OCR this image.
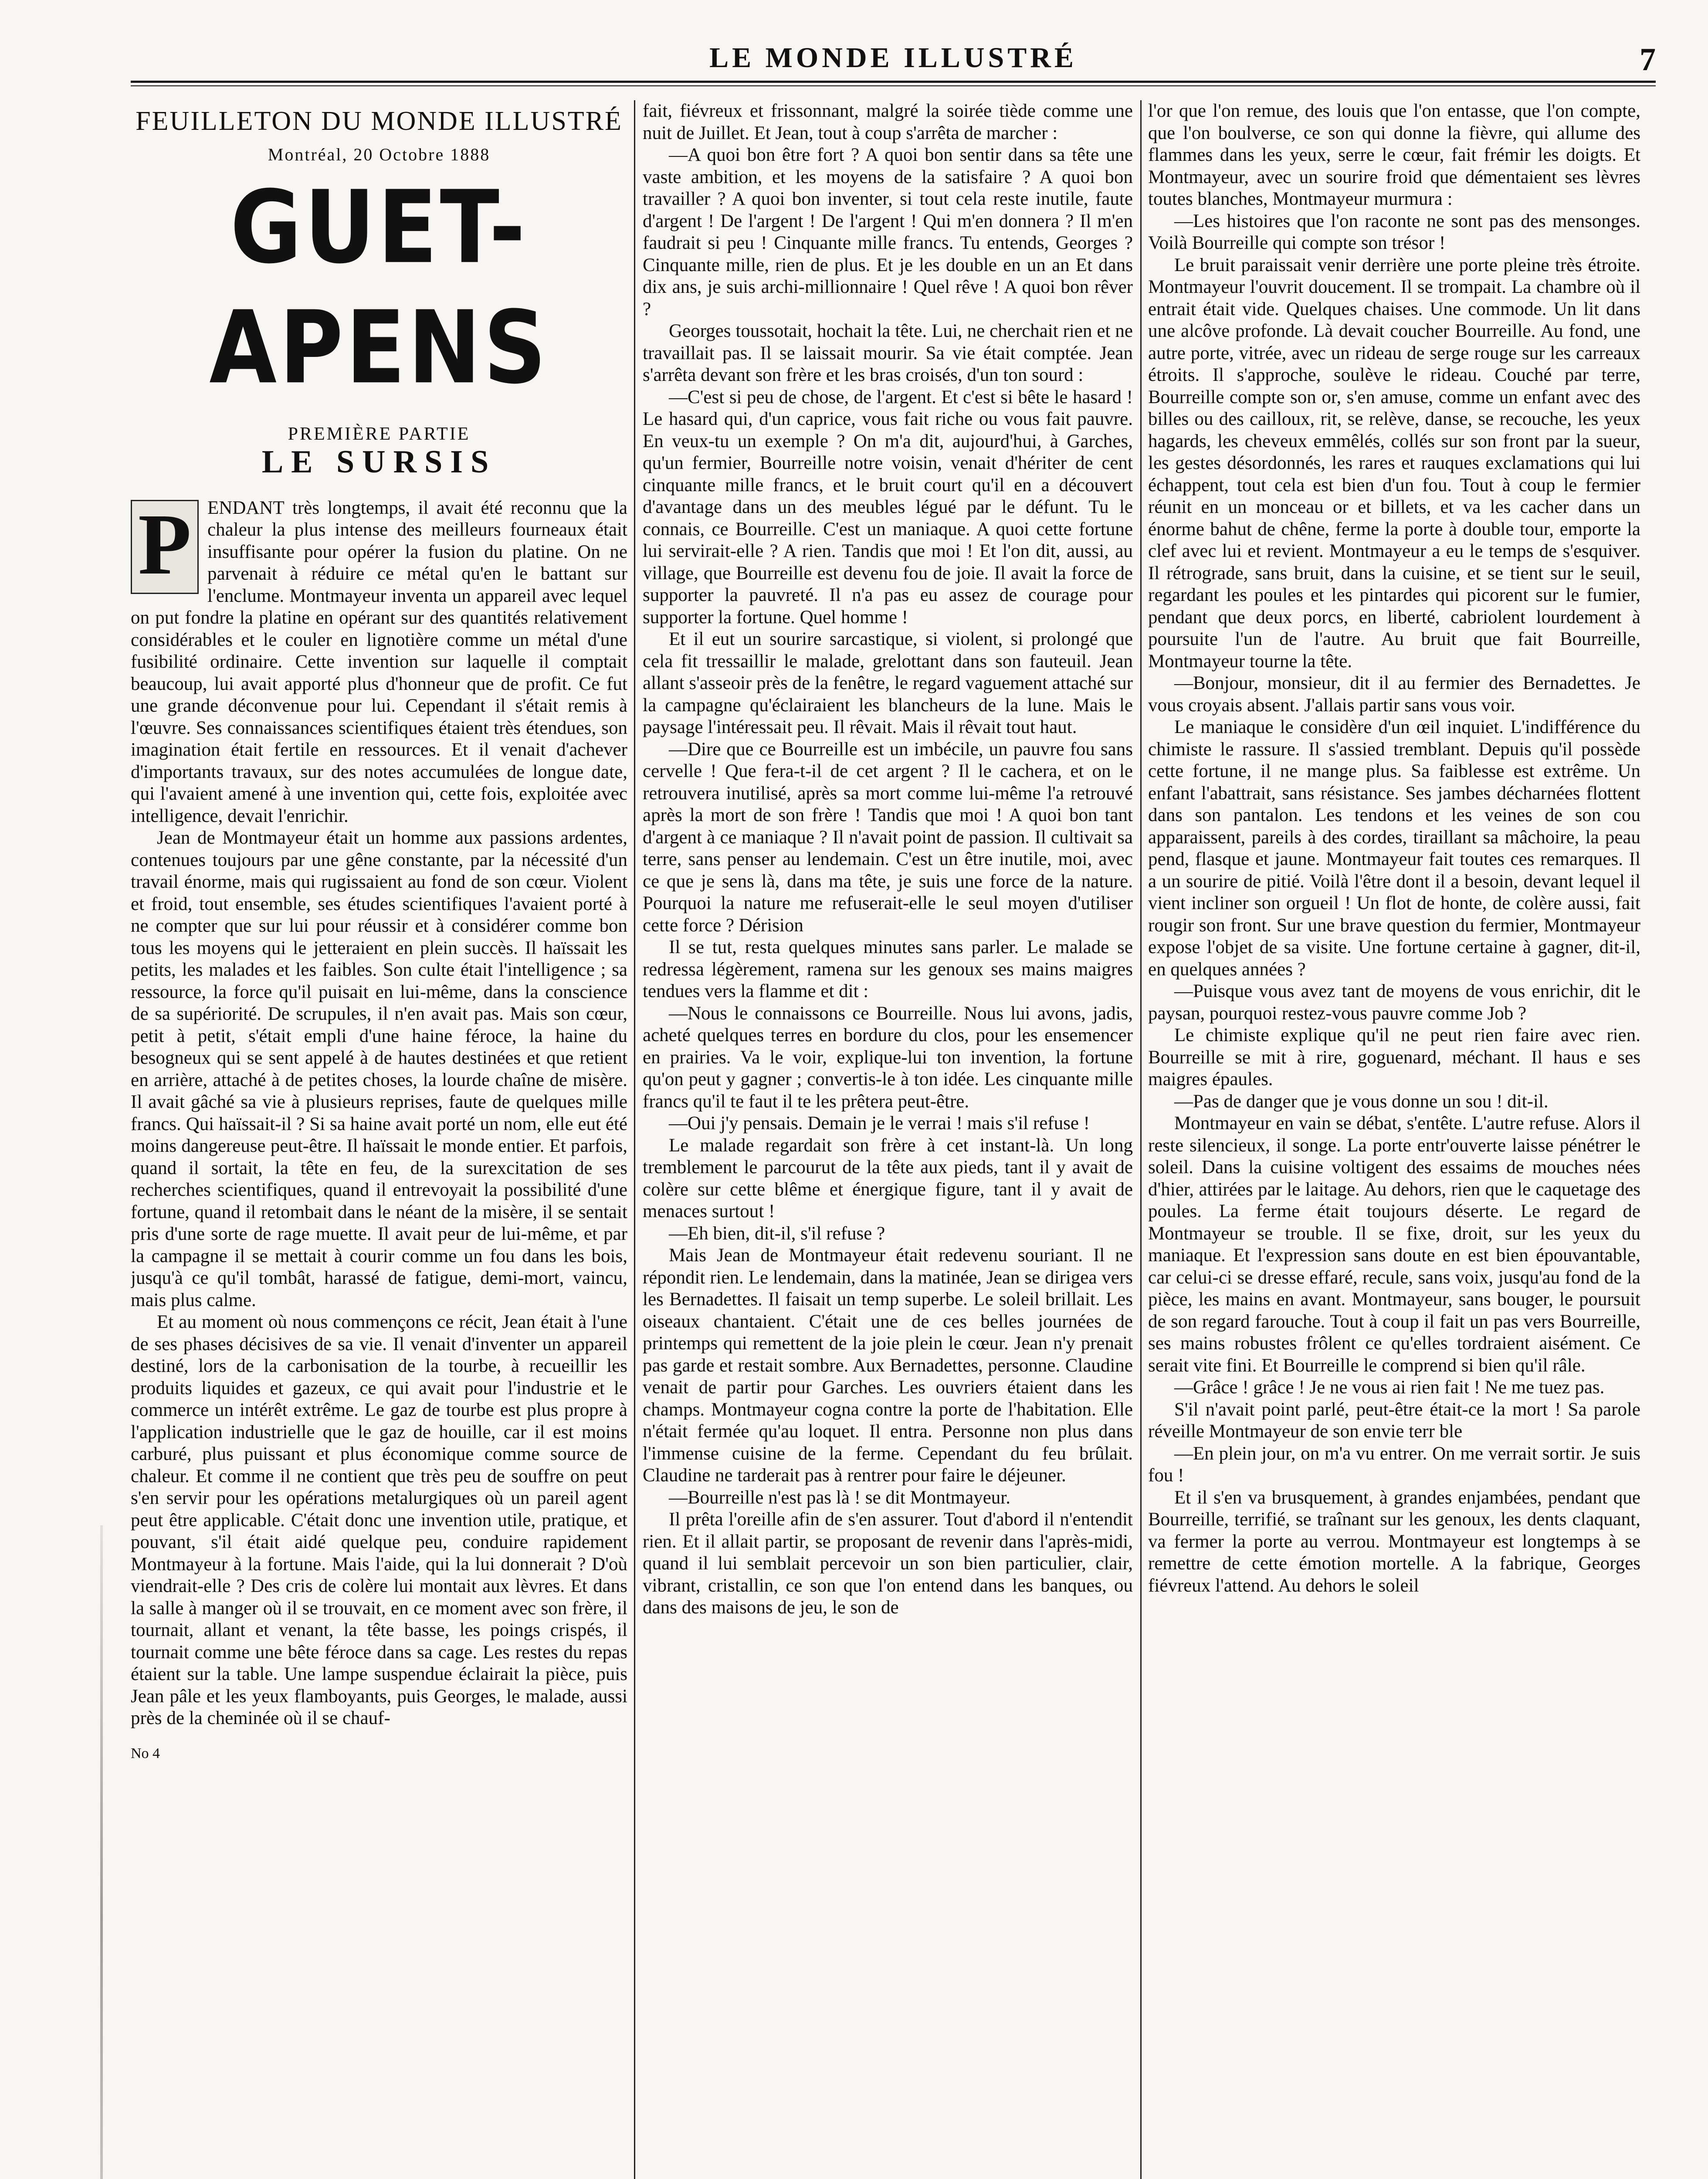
LE MONDE ILLUSTRÉ	7
FEUILLETON DU MONDE ILLUSTRÉ
Montréal, 20 Octobre 1888
GUET-APENS
PREMIÈRE PARTIE
LE SURSIS

P ENDANT très longtemps, il avait été reconnu que la chaleur la plus intense des meilleurs fourneaux était insuffisante pour opérer la fusion du platine. On ne parvenait à réduire ce métal qu'en le battant sur l'enclume. Montmayeur inventa un appareil avec lequel on put fondre la platine en opérant sur des quantités relativement considérables et le couler en lignotière comme un métal d'une fusibilité ordinaire. Cette invention sur laquelle il comptait beaucoup, lui avait apporté plus d'honneur que de profit. Ce fut une grande déconvenue pour lui. Cependant il s'était remis à l'œuvre. Ses connaissances scientifiques étaient très étendues, son imagination était fertile en ressources. Et il venait d'achever d'importants travaux, sur des notes accumulées de longue date, qui l'avaient amené à une invention qui, cette fois, exploitée avec intelligence, devait l'enrichir.

Jean de Montmayeur était un homme aux passions ardentes, contenues toujours par une gêne constante, par la nécessité d'un travail énorme, mais qui rugissaient au fond de son cœur. Violent et froid, tout ensemble, ses études scientifiques l'avaient porté à ne compter que sur lui pour réussir et à considérer comme bon tous les moyens qui le jetteraient en plein succès. Il haïssait les petits, les malades et les faibles. Son culte était l'intelligence ; sa ressource, la force qu'il puisait en lui-même, dans la conscience de sa supériorité. De scrupules, il n'en avait pas. Mais son cœur, petit à petit, s'était empli d'une haine féroce, la haine du besogneux qui se sent appelé à de hautes destinées et que retient en arrière, attaché à de petites choses, la lourde chaîne de misère. Il avait gâché sa vie à plusieurs reprises, faute de quelques mille francs. Qui haïssait-il ? Si sa haine avait porté un nom, elle eut été moins dangereuse peut-être. Il haïssait le monde entier. Et parfois, quand il sortait, la tête en feu, de la surexcitation de ses recherches scientifiques, quand il entrevoyait la possibilité d'une fortune, quand il retombait dans le néant de la misère, il se sentait pris d'une sorte de rage muette. Il avait peur de lui-même, et par la campagne il se mettait à courir comme un fou dans les bois, jusqu'à ce qu'il tombât, harassé de fatigue, demi-mort, vaincu, mais plus calme.

Et au moment où nous commençons ce récit, Jean était à l'une de ses phases décisives de sa vie. Il venait d'inventer un appareil destiné, lors de la carbonisation de la tourbe, à recueillir les produits liquides et gazeux, ce qui avait pour l'industrie et le commerce un intérêt extrême. Le gaz de tourbe est plus propre à l'application industrielle que le gaz de houille, car il est moins carburé, plus puissant et plus économique comme source de chaleur. Et comme il ne contient que très peu de souffre on peut s'en servir pour les opérations metalurgiques où un pareil agent peut être applicable. C'était donc une invention utile, pratique, et pouvant, s'il était aidé quelque peu, conduire rapidement Montmayeur à la fortune. Mais l'aide, qui la lui donnerait ? D'où viendrait-elle ? Des cris de colère lui montait aux lèvres. Et dans la salle à manger où il se trouvait, en ce moment avec son frère, il tournait, allant et venant, la tête basse, les poings crispés, il tournait comme une bête féroce dans sa cage. Les restes du repas étaient sur la table. Une lampe suspendue éclairait la pièce, puis Jean pâle et les yeux flamboyants, puis Georges, le malade, aussi près de la cheminée où il se chauf-

No 4

fait, fiévreux et frissonnant, malgré la soirée tiède comme une nuit de Juillet. Et Jean, tout à coup s'arrêta de marcher :

—A quoi bon être fort ? A quoi bon sentir dans sa tête une vaste ambition, et les moyens de la satisfaire ? A quoi bon travailler ? A quoi bon inventer, si tout cela reste inutile, faute d'argent ! De l'argent ! De l'argent ! Qui m'en donnera ? Il m'en faudrait si peu ! Cinquante mille francs. Tu entends, Georges ? Cinquante mille, rien de plus. Et je les double en un an Et dans dix ans, je suis archi-millionnaire ! Quel rêve ! A quoi bon rêver ?

Georges toussotait, hochait la tête. Lui, ne cherchait rien et ne travaillait pas. Il se laissait mourir. Sa vie était comptée. Jean s'arrêta devant son frère et les bras croisés, d'un ton sourd :

—C'est si peu de chose, de l'argent. Et c'est si bête le hasard ! Le hasard qui, d'un caprice, vous fait riche ou vous fait pauvre. En veux-tu un exemple ? On m'a dit, aujourd'hui, à Garches, qu'un fermier, Bourreille notre voisin, venait d'hériter de cent cinquante mille francs, et le bruit court qu'il en a découvert d'avantage dans un des meubles légué par le défunt. Tu le connais, ce Bourreille. C'est un maniaque. A quoi cette fortune lui servirait-elle ? A rien. Tandis que moi ! Et l'on dit, aussi, au village, que Bourreille est devenu fou de joie. Il avait la force de supporter la pauvreté. Il n'a pas eu assez de courage pour supporter la fortune. Quel homme !

Et il eut un sourire sarcastique, si violent, si prolongé que cela fit tressaillir le malade, grelottant dans son fauteuil. Jean allant s'asseoir près de la fenêtre, le regard vaguement attaché sur la campagne qu'éclairaient les blancheurs de la lune. Mais le paysage l'intéressait peu. Il rêvait. Mais il rêvait tout haut.

—Dire que ce Bourreille est un imbécile, un pauvre fou sans cervelle ! Que fera-t-il de cet argent ? Il le cachera, et on le retrouvera inutilisé, après sa mort comme lui-même l'a retrouvé après la mort de son frère ! Tandis que moi ! A quoi bon tant d'argent à ce maniaque ? Il n'avait point de passion. Il cultivait sa terre, sans penser au lendemain. C'est un être inutile, moi, avec ce que je sens là, dans ma tête, je suis une force de la nature. Pourquoi la nature me refuserait-elle le seul moyen d'utiliser cette force ? Dérision

Il se tut, resta quelques minutes sans parler. Le malade se redressa légèrement, ramena sur les genoux ses mains maigres tendues vers la flamme et dit :

—Nous le connaissons ce Bourreille. Nous lui avons, jadis, acheté quelques terres en bordure du clos, pour les ensemencer en prairies. Va le voir, explique-lui ton invention, la fortune qu'on peut y gagner ; convertis-le à ton idée. Les cinquante mille francs qu'il te faut il te les prêtera peut-être.

—Oui j'y pensais. Demain je le verrai ! mais s'il refuse !

Le malade regardait son frère à cet instant-là. Un long tremblement le parcourut de la tête aux pieds, tant il y avait de colère sur cette blême et énergique figure, tant il y avait de menaces surtout !

—Eh bien, dit-il, s'il refuse ?

Mais Jean de Montmayeur était redevenu souriant. Il ne répondit rien. Le lendemain, dans la matinée, Jean se dirigea vers les Bernadettes. Il faisait un temp superbe. Le soleil brillait. Les oiseaux chantaient. C'était une de ces belles journées de printemps qui remettent de la joie plein le cœur. Jean n'y prenait pas garde et restait sombre. Aux Bernadettes, personne. Claudine venait de partir pour Garches. Les ouvriers étaient dans les champs. Montmayeur cogna contre la porte de l'habitation. Elle n'était fermée qu'au loquet. Il entra. Personne non plus dans l'immense cuisine de la ferme. Cependant du feu brûlait. Claudine ne tarderait pas à rentrer pour faire le déjeuner.

—Bourreille n'est pas là ! se dit Montmayeur.

Il prêta l'oreille afin de s'en assurer. Tout d'abord il n'entendit rien. Et il allait partir, se proposant de revenir dans l'après-midi, quand il lui semblait percevoir un son bien particulier, clair, vibrant, cristallin, ce son que l'on entend dans les banques, ou dans des maisons de jeu, le son de

l'or que l'on remue, des louis que l'on entasse, que l'on compte, que l'on boulverse, ce son qui donne la fièvre, qui allume des flammes dans les yeux, serre le cœur, fait frémir les doigts. Et Montmayeur, avec un sourire froid que démentaient ses lèvres toutes blanches, Montmayeur murmura :

—Les histoires que l'on raconte ne sont pas des mensonges. Voilà Bourreille qui compte son trésor !

Le bruit paraissait venir derrière une porte pleine très étroite. Montmayeur l'ouvrit doucement. Il se trompait. La chambre où il entrait était vide. Quelques chaises. Une commode. Un lit dans une alcôve profonde. Là devait coucher Bourreille. Au fond, une autre porte, vitrée, avec un rideau de serge rouge sur les carreaux étroits. Il s'approche, soulève le rideau. Couché par terre, Bourreille compte son or, s'en amuse, comme un enfant avec des billes ou des cailloux, rit, se relève, danse, se recouche, les yeux hagards, les cheveux emmêlés, collés sur son front par la sueur, les gestes désordonnés, les rares et rauques exclamations qui lui échappent, tout cela est bien d'un fou. Tout à coup le fermier réunit en un monceau or et billets, et va les cacher dans un énorme bahut de chêne, ferme la porte à double tour, emporte la clef avec lui et revient. Montmayeur a eu le temps de s'esquiver. Il rétrograde, sans bruit, dans la cuisine, et se tient sur le seuil, regardant les poules et les pintardes qui picorent sur le fumier, pendant que deux porcs, en liberté, cabriolent lourdement à poursuite l'un de l'autre. Au bruit que fait Bourreille, Montmayeur tourne la tête.

—Bonjour, monsieur, dit il au fermier des Bernadettes. Je vous croyais absent. J'allais partir sans vous voir.

Le maniaque le considère d'un œil inquiet. L'indifférence du chimiste le rassure. Il s'assied tremblant. Depuis qu'il possède cette fortune, il ne mange plus. Sa faiblesse est extrême. Un enfant l'abattrait, sans résistance. Ses jambes décharnées flottent dans son pantalon. Les tendons et les veines de son cou apparaissent, pareils à des cordes, tiraillant sa mâchoire, la peau pend, flasque et jaune. Montmayeur fait toutes ces remarques. Il a un sourire de pitié. Voilà l'être dont il a besoin, devant lequel il vient incliner son orgueil ! Un flot de honte, de colère aussi, fait rougir son front. Sur une brave question du fermier, Montmayeur expose l'objet de sa visite. Une fortune certaine à gagner, dit-il, en quelques années ?

—Puisque vous avez tant de moyens de vous enrichir, dit le paysan, pourquoi restez-vous pauvre comme Job ?

Le chimiste explique qu'il ne peut rien faire avec rien. Bourreille se mit à rire, goguenard, méchant. Il haus e ses maigres épaules.

—Pas de danger que je vous donne un sou ! dit-il.

Montmayeur en vain se débat, s'entête. L'autre refuse. Alors il reste silencieux, il songe. La porte entr'ouverte laisse pénétrer le soleil. Dans la cuisine voltigent des essaims de mouches nées d'hier, attirées par le laitage. Au dehors, rien que le caquetage des poules. La ferme était toujours déserte. Le regard de Montmayeur se trouble. Il se fixe, droit, sur les yeux du maniaque. Et l'expression sans doute en est bien épouvantable, car celui-ci se dresse effaré, recule, sans voix, jusqu'au fond de la pièce, les mains en avant. Montmayeur, sans bouger, le poursuit de son regard farouche. Tout à coup il fait un pas vers Bourreille, ses mains robustes frôlent ce qu'elles tordraient aisément. Ce serait vite fini. Et Bourreille le comprend si bien qu'il râle.

—Grâce ! grâce ! Je ne vous ai rien fait ! Ne me tuez pas.

S'il n'avait point parlé, peut-être était-ce la mort ! Sa parole réveille Montmayeur de son envie terr ble

—En plein jour, on m'a vu entrer. On me verrait sortir. Je suis fou !

Et il s'en va brusquement, à grandes enjambées, pendant que Bourreille, terrifié, se traînant sur les genoux, les dents claquant, va fermer la porte au verrou. Montmayeur est longtemps à se remettre de cette émotion mortelle. A la fabrique, Georges fiévreux l'attend. Au dehors le soleil
